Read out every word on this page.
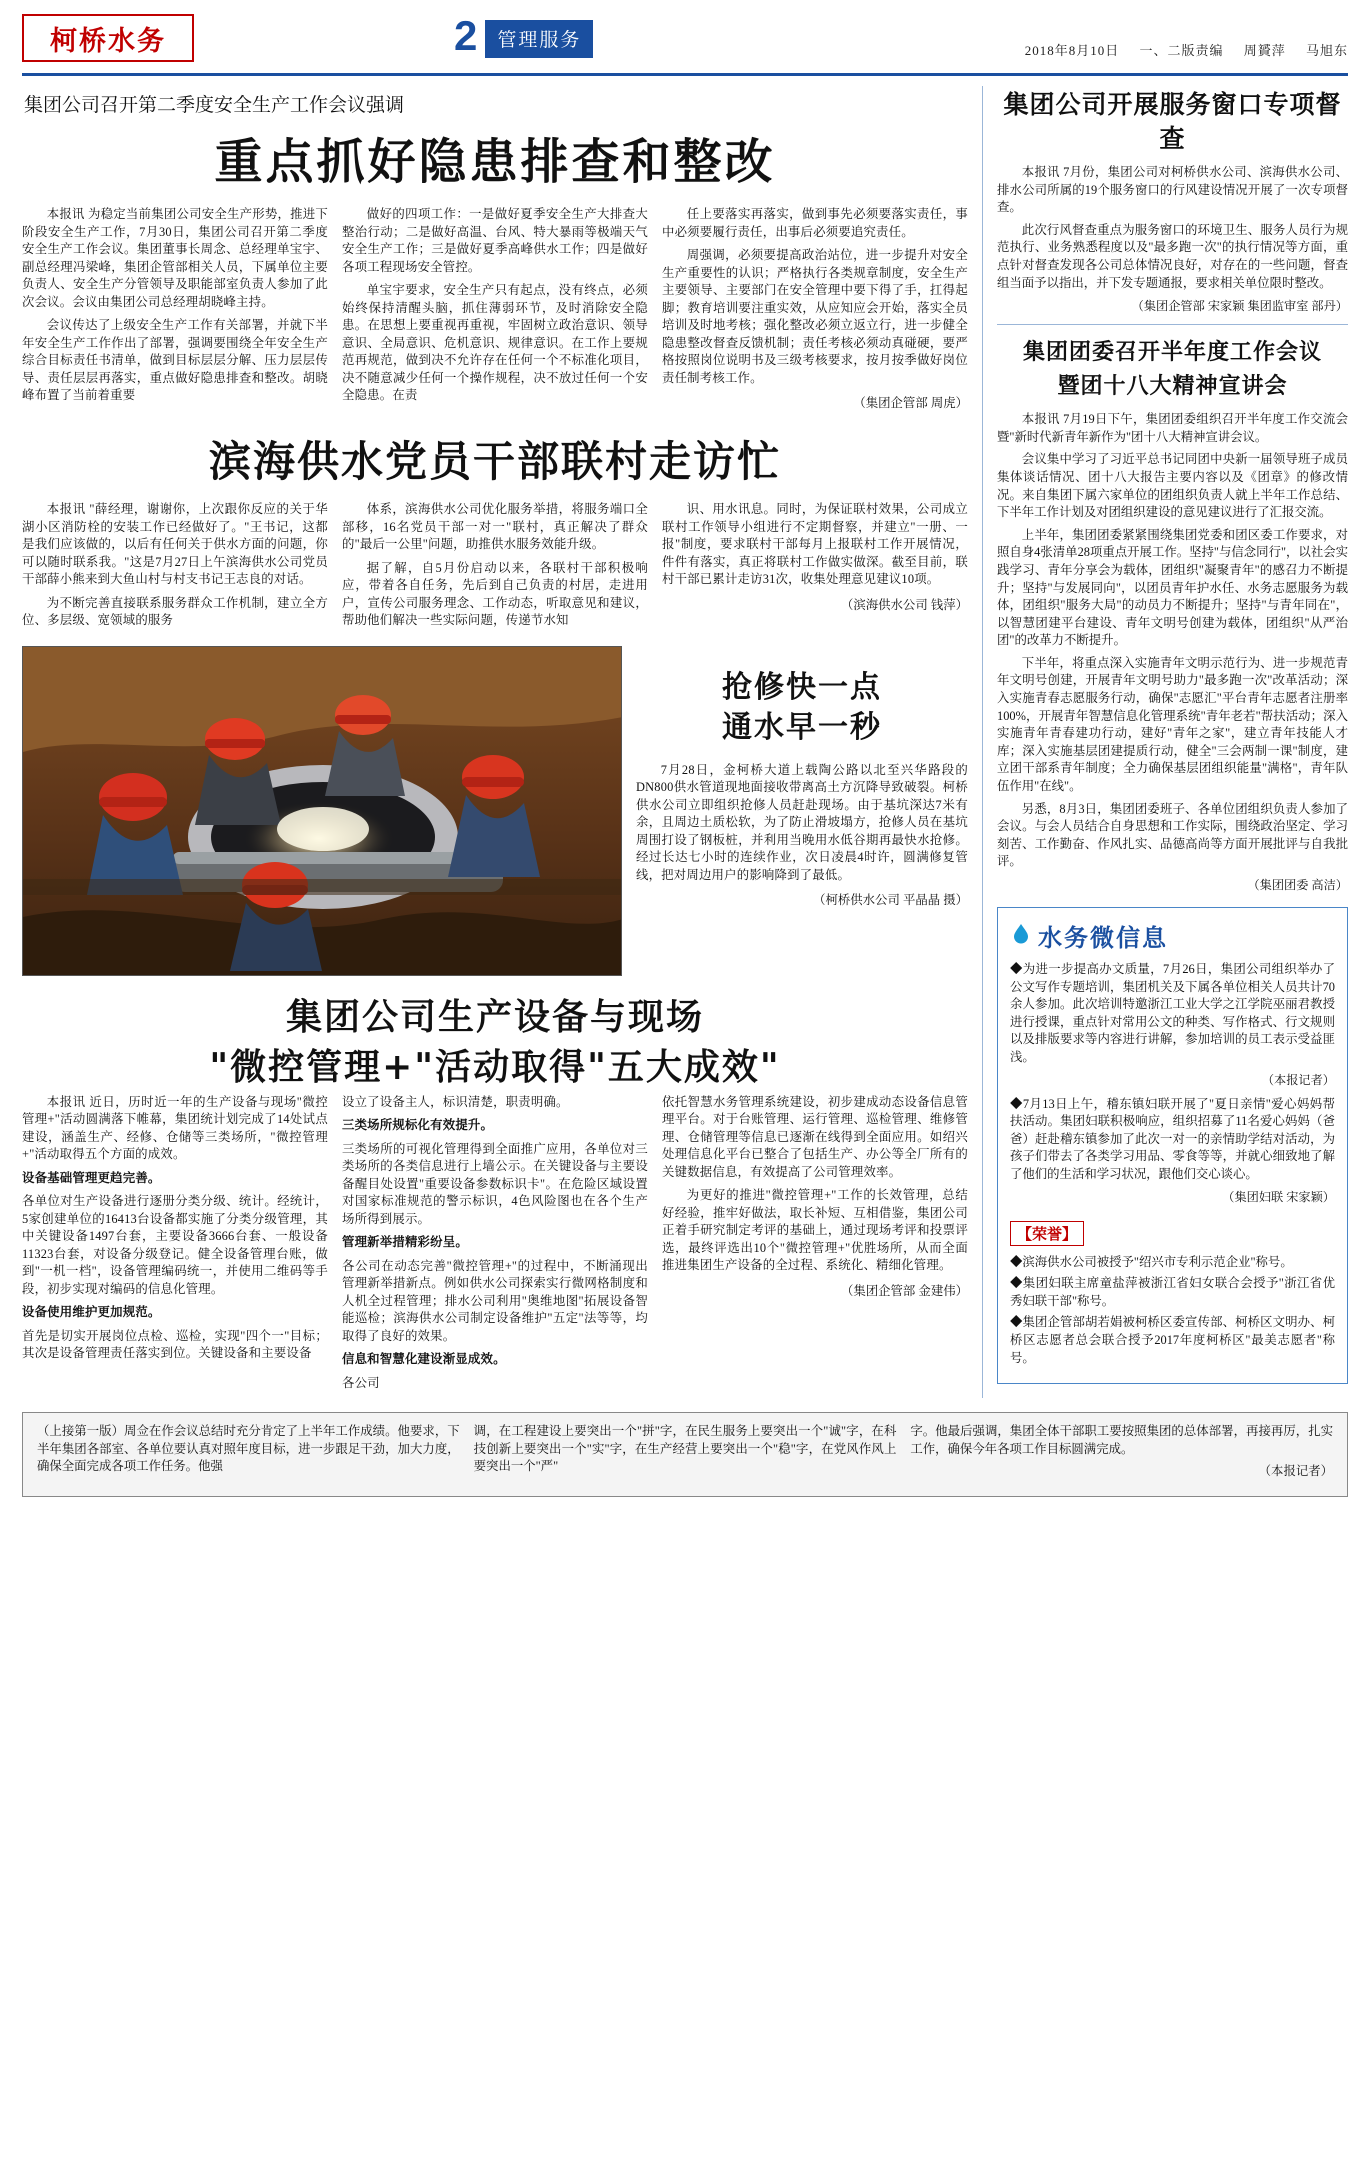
柯桥水务	2	管理服务	2018年8月10日 一、二版责编 周贇萍 马旭东
集团公司召开第二季度安全生产工作会议强调
重点抓好隐患排查和整改

本报讯 为稳定当前集团公司安全生产形势，推进下阶段安全生产工作，7月30日，集团公司召开第二季度安全生产工作会议。集团董事长周念、总经理单宝宇、副总经理冯梁峰，集团企管部相关人员，下属单位主要负责人、安全生产分管领导及职能部室负责人参加了此次会议。会议由集团公司总经理胡晓峰主持。

会议传达了上级安全生产工作有关部署，并就下半年安全生产工作作出了部署，强调要围绕全年安全生产综合目标责任书清单，做到目标层层分解、压力层层传导、责任层层再落实，重点做好隐患排查和整改。胡晓峰布置了当前着重要

做好的四项工作：一是做好夏季安全生产大排查大整治行动；二是做好高温、台风、特大暴雨等极端天气安全生产工作；三是做好夏季高峰供水工作；四是做好各项工程现场安全管控。

单宝宇要求，安全生产只有起点，没有终点，必须始终保持清醒头脑，抓住薄弱环节，及时消除安全隐患。在思想上要重视再重视，牢固树立政治意识、领导意识、全局意识、危机意识、规律意识。在工作上要规范再规范，做到决不允许存在任何一个不标准化项目，决不随意减少任何一个操作规程，决不放过任何一个安全隐患。在责

任上要落实再落实，做到事先必须要落实责任，事中必须要履行责任，出事后必须要追究责任。

周强调，必须要提高政治站位，进一步提升对安全生产重要性的认识；严格执行各类规章制度，安全生产主要领导、主要部门在安全管理中要下得了手，扛得起脚；教育培训要注重实效，从应知应会开始，落实全员培训及时地考核；强化整改必须立返立行，进一步健全隐患整改督查反馈机制；责任考核必须动真碰硬，要严格按照岗位说明书及三级考核要求，按月按季做好岗位责任制考核工作。

（集团企管部 周虎）

滨海供水党员干部联村走访忙

本报讯 "薛经理，谢谢你，上次跟你反应的关于华湖小区消防栓的安装工作已经做好了。"王书记，这都是我们应该做的，以后有任何关于供水方面的问题，你可以随时联系我。"这是7月27日上午滨海供水公司党员干部薛小熊来到大鱼山村与村支书记王志良的对话。

为不断完善直接联系服务群众工作机制，建立全方位、多层级、宽领域的服务

体系，滨海供水公司优化服务举措，将服务端口全部移，16名党员干部一对一"联村，真正解决了群众的"最后一公里"问题，助推供水服务效能升级。

据了解，自5月份启动以来，各联村干部积极响应，带着各自任务，先后到自己负责的村居，走进用户，宣传公司服务理念、工作动态，听取意见和建议，帮助他们解决一些实际问题，传递节水知

识、用水讯息。同时，为保证联村效果，公司成立联村工作领导小组进行不定期督察，并建立"一册、一报"制度，要求联村干部每月上报联村工作开展情况，件件有落实，真正将联村工作做实做深。截至目前，联村干部已累计走访31次，收集处理意见建议10项。

（滨海供水公司 钱萍）

抢修快一点
通水早一秒

7月28日，金柯桥大道上载陶公路以北至兴华路段的DN800供水管道现地面接收带离高土方沉降导致破裂。柯桥供水公司立即组织抢修人员赶赴现场。由于基坑深达7米有余，且周边土质松软，为了防止滑坡塌方，抢修人员在基坑周围打设了钢板桩，并利用当晚用水低谷期再最快水抢修。经过长达七小时的连续作业，次日凌晨4时许，圆满修复管线，把对周边用户的影响降到了最低。

（柯桥供水公司 平晶晶 摄）

集团公司生产设备与现场
"微控管理+"活动取得"五大成效"

本报讯 近日，历时近一年的生产设备与现场"微控管理+"活动圆满落下帷幕，集团统计划完成了14处试点建设，涵盖生产、经修、仓储等三类场所，"微控管理+"活动取得五个方面的成效。

设备基础管理更趋完善。

各单位对生产设备进行逐册分类分级、统计。经统计，5家创建单位的16413台设备都实施了分类分级管理，其中关键设备1497台套，主要设备3666台套、一般设备11323台套，对设备分级登记。健全设备管理台账，做到"一机一档"，设备管理编码统一，并使用二维码等手段，初步实现对编码的信息化管理。

设备使用维护更加规范。

首先是切实开展岗位点检、巡检，实现"四个一"目标；其次是设备管理责任落实到位。关键设备和主要设备

设立了设备主人，标识清楚，职责明确。

三类场所规标化有效提升。

三类场所的可视化管理得到全面推广应用，各单位对三类场所的各类信息进行上墙公示。在关键设备与主要设备醒目处设置"重要设备参数标识卡"。在危险区域设置对国家标准规范的警示标识，4色风险图也在各个生产场所得到展示。

管理新举措精彩纷呈。

各公司在动态完善"微控管理+"的过程中，不断涌现出管理新举措新点。例如供水公司探索实行微网格制度和人机全过程管理；排水公司利用"奥维地图"拓展设备智能巡检；滨海供水公司制定设备维护"五定"法等等，均取得了良好的效果。

信息和智慧化建设渐显成效。

各公司

依托智慧水务管理系统建设，初步建成动态设备信息管理平台。对于台账管理、运行管理、巡检管理、维修管理、仓储管理等信息已逐渐在线得到全面应用。如绍兴处理信息化平台已整合了包括生产、办公等全厂所有的关键数据信息，有效提高了公司管理效率。

为更好的推进"微控管理+"工作的长效管理，总结好经验，推牢好做法，取长补短、互相借鉴，集团公司正着手研究制定考评的基础上，通过现场考评和投票评选，最终评选出10个"微控管理+"优胜场所，从而全面推进集团生产设备的全过程、系统化、精细化管理。

（集团企管部 金建伟）

集团公司开展服务窗口专项督查

本报讯 7月份，集团公司对柯桥供水公司、滨海供水公司、排水公司所属的19个服务窗口的行风建设情况开展了一次专项督查。

此次行风督查重点为服务窗口的环境卫生、服务人员行为规范执行、业务熟悉程度以及"最多跑一次"的执行情况等方面，重点针对督查发现各公司总体情况良好，对存在的一些问题，督查组当面予以指出，并下发专题通报，要求相关单位限时整改。

（集团企管部 宋家颖 集团监审室 部丹）
集团团委召开半年度工作会议
暨团十八大精神宣讲会

本报讯 7月19日下午，集团团委组织召开半年度工作交流会暨"新时代新青年新作为"团十八大精神宣讲会议。

会议集中学习了习近平总书记同团中央新一届领导班子成员集体谈话情况、团十八大报告主要内容以及《团章》的修改情况。来自集团下属六家单位的团组织负责人就上半年工作总结、下半年工作计划及对团组织建设的意见建议进行了汇报交流。

上半年，集团团委紧紧围绕集团党委和团区委工作要求，对照自身4张清单28项重点开展工作。坚持"与信念同行"，以社会实践学习、青年分享会为载体，团组织"凝聚青年"的感召力不断提升；坚持"与发展同向"，以团员青年护水任、水务志愿服务为载体，团组织"服务大局"的动员力不断提升；坚持"与青年同在"，以智慧团建平台建设、青年文明号创建为载体，团组织"从严治团"的改革力不断提升。

下半年，将重点深入实施青年文明示范行为、进一步规范青年文明号创建，开展青年文明号助力"最多跑一次"改革活动；深入实施青春志愿服务行动，确保"志愿汇"平台青年志愿者注册率100%，开展青年智慧信息化管理系统"青年老若"帮扶活动；深入实施青年青春建功行动，建好"青年之家"，建立青年技能人才库；深入实施基层团建提质行动，健全"三会两制一课"制度，建立团干部系青年制度；全力确保基层团组织能量"满格"，青年队伍作用"在线"。

另悉，8月3日，集团团委班子、各单位团组织负责人参加了会议。与会人员结合自身思想和工作实际，围绕政治坚定、学习刻苦、工作勤奋、作风扎实、品德高尚等方面开展批评与自我批评。

（集团团委 高洁）
水务微信息
◆为进一步提高办文质量，7月26日，集团公司组织举办了公文写作专题培训，集团机关及下属各单位相关人员共计70余人参加。此次培训特邀浙江工业大学之江学院巫丽君教授进行授课，重点针对常用公文的种类、写作格式、行文规则以及排版要求等内容进行讲解，参加培训的员工表示受益匪浅。
（本报记者）
◆7月13日上午，稽东镇妇联开展了"夏日亲情"爱心妈妈帮扶活动。集团妇联积极响应，组织招募了11名爱心妈妈（爸爸）赶赴稽东镇参加了此次一对一的亲情助学结对活动，为孩子们带去了各类学习用品、零食等等，并就心细致地了解了他们的生活和学习状况，跟他们交心谈心。
（集团妇联 宋家颖）
【荣誉】
◆滨海供水公司被授予"绍兴市专利示范企业"称号。
◆集团妇联主席童盐萍被浙江省妇女联合会授予"浙江省优秀妇联干部"称号。
◆集团企管部胡若娟被柯桥区委宣传部、柯桥区文明办、柯桥区志愿者总会联合授予2017年度柯桥区"最美志愿者"称号。

（上接第一版）周佥在作会议总结时充分肯定了上半年工作成绩。他要求，下半年集团各部室、各单位要认真对照年度目标，进一步跟足干劲，加大力度，确保全面完成各项工作任务。他强

调，在工程建设上要突出一个"拼"字，在民生服务上要突出一个"诚"字，在科技创新上要突出一个"实"字，在生产经营上要突出一个"稳"字，在党风作风上要突出一个"严"

字。他最后强调，集团全体干部职工要按照集团的总体部署，再接再厉，扎实工作，确保今年各项工作目标圆满完成。

（本报记者）
